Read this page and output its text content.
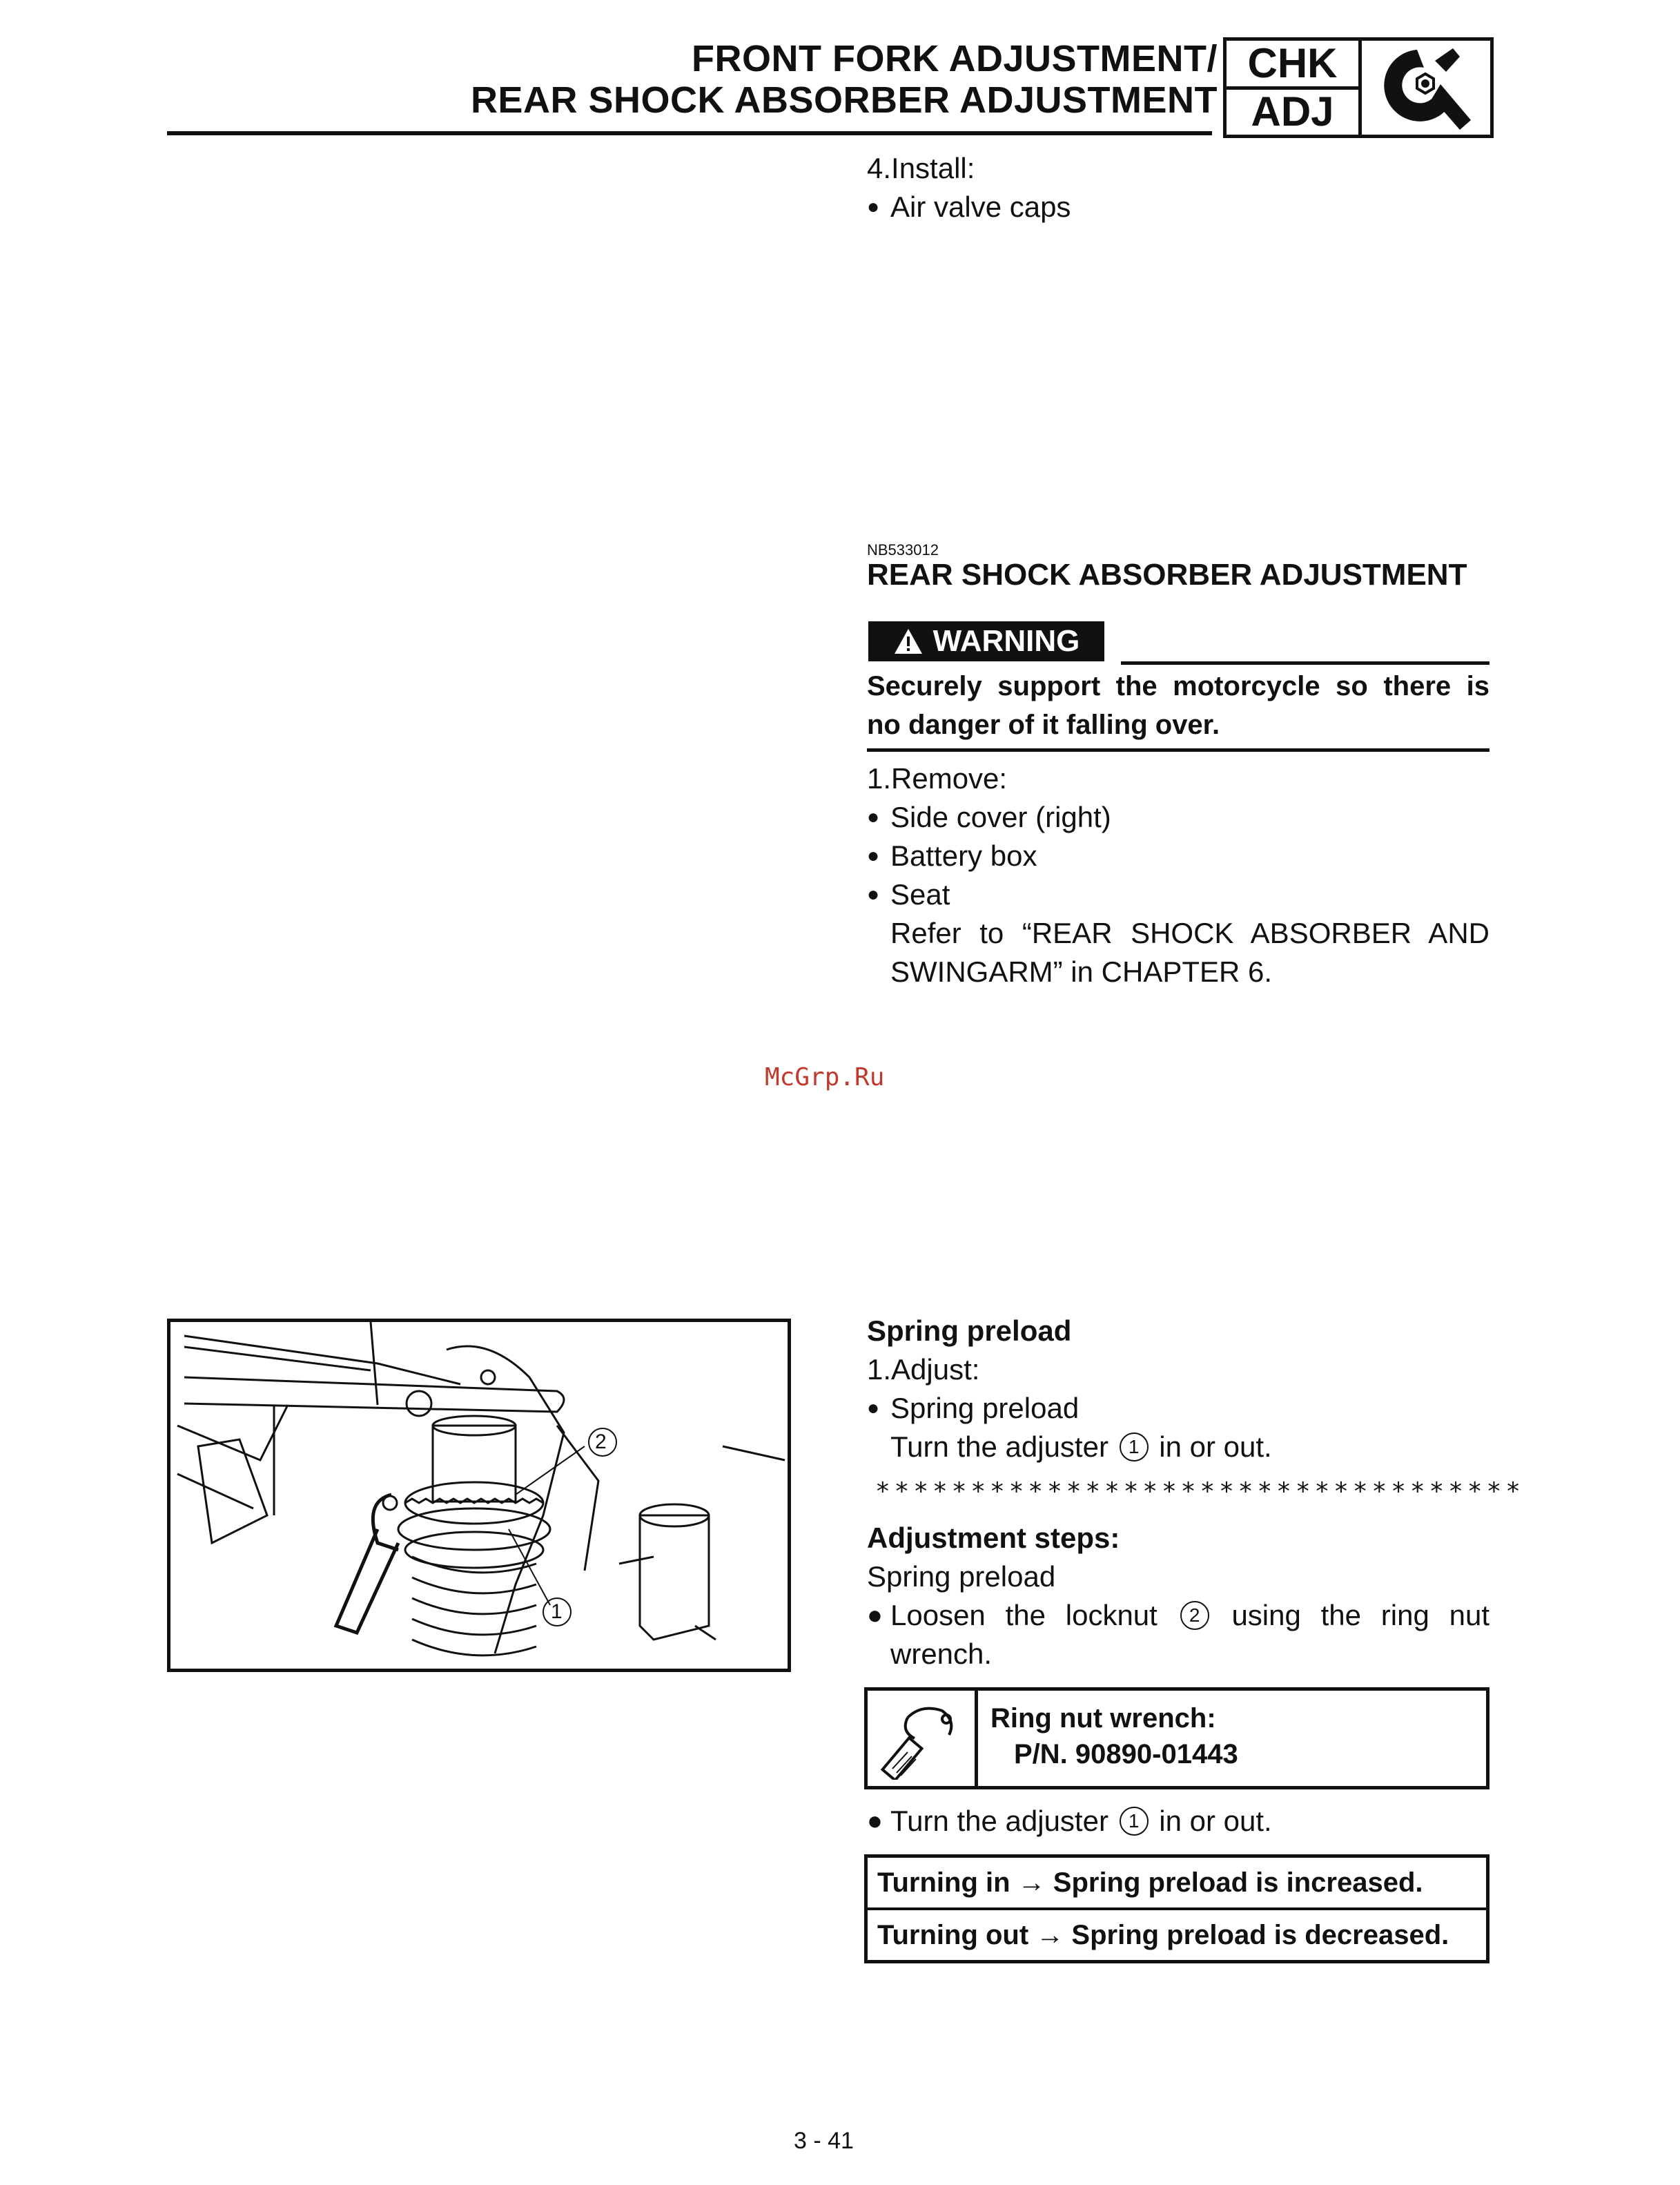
FRONT FORK ADJUSTMENT/
REAR SHOCK ABSORBER ADJUSTMENT
CHK
ADJ
4.Install:
● Air valve caps
NB533012
REAR SHOCK ABSORBER ADJUSTMENT
WARNING
Securely support the motorcycle so there is
no danger of it falling over.
1.Remove:
● Side cover (right)
● Battery box
● Seat
Refer to “REAR SHOCK ABSORBER AND
SWINGARM” in CHAPTER 6.
McGrp.Ru
2
1
Spring preload
1.Adjust:
● Spring preload
Turn the adjuster 1 in or out.
**********************************
Adjustment steps:
Spring preload
● Loosen the locknut 2 using the ring nut
wrench.
Ring nut wrench:
P/N. 90890-01443
● Turn the adjuster 1 in or out.
Turning in → Spring preload is increased.
Turning out → Spring preload is decreased.
3 - 41
